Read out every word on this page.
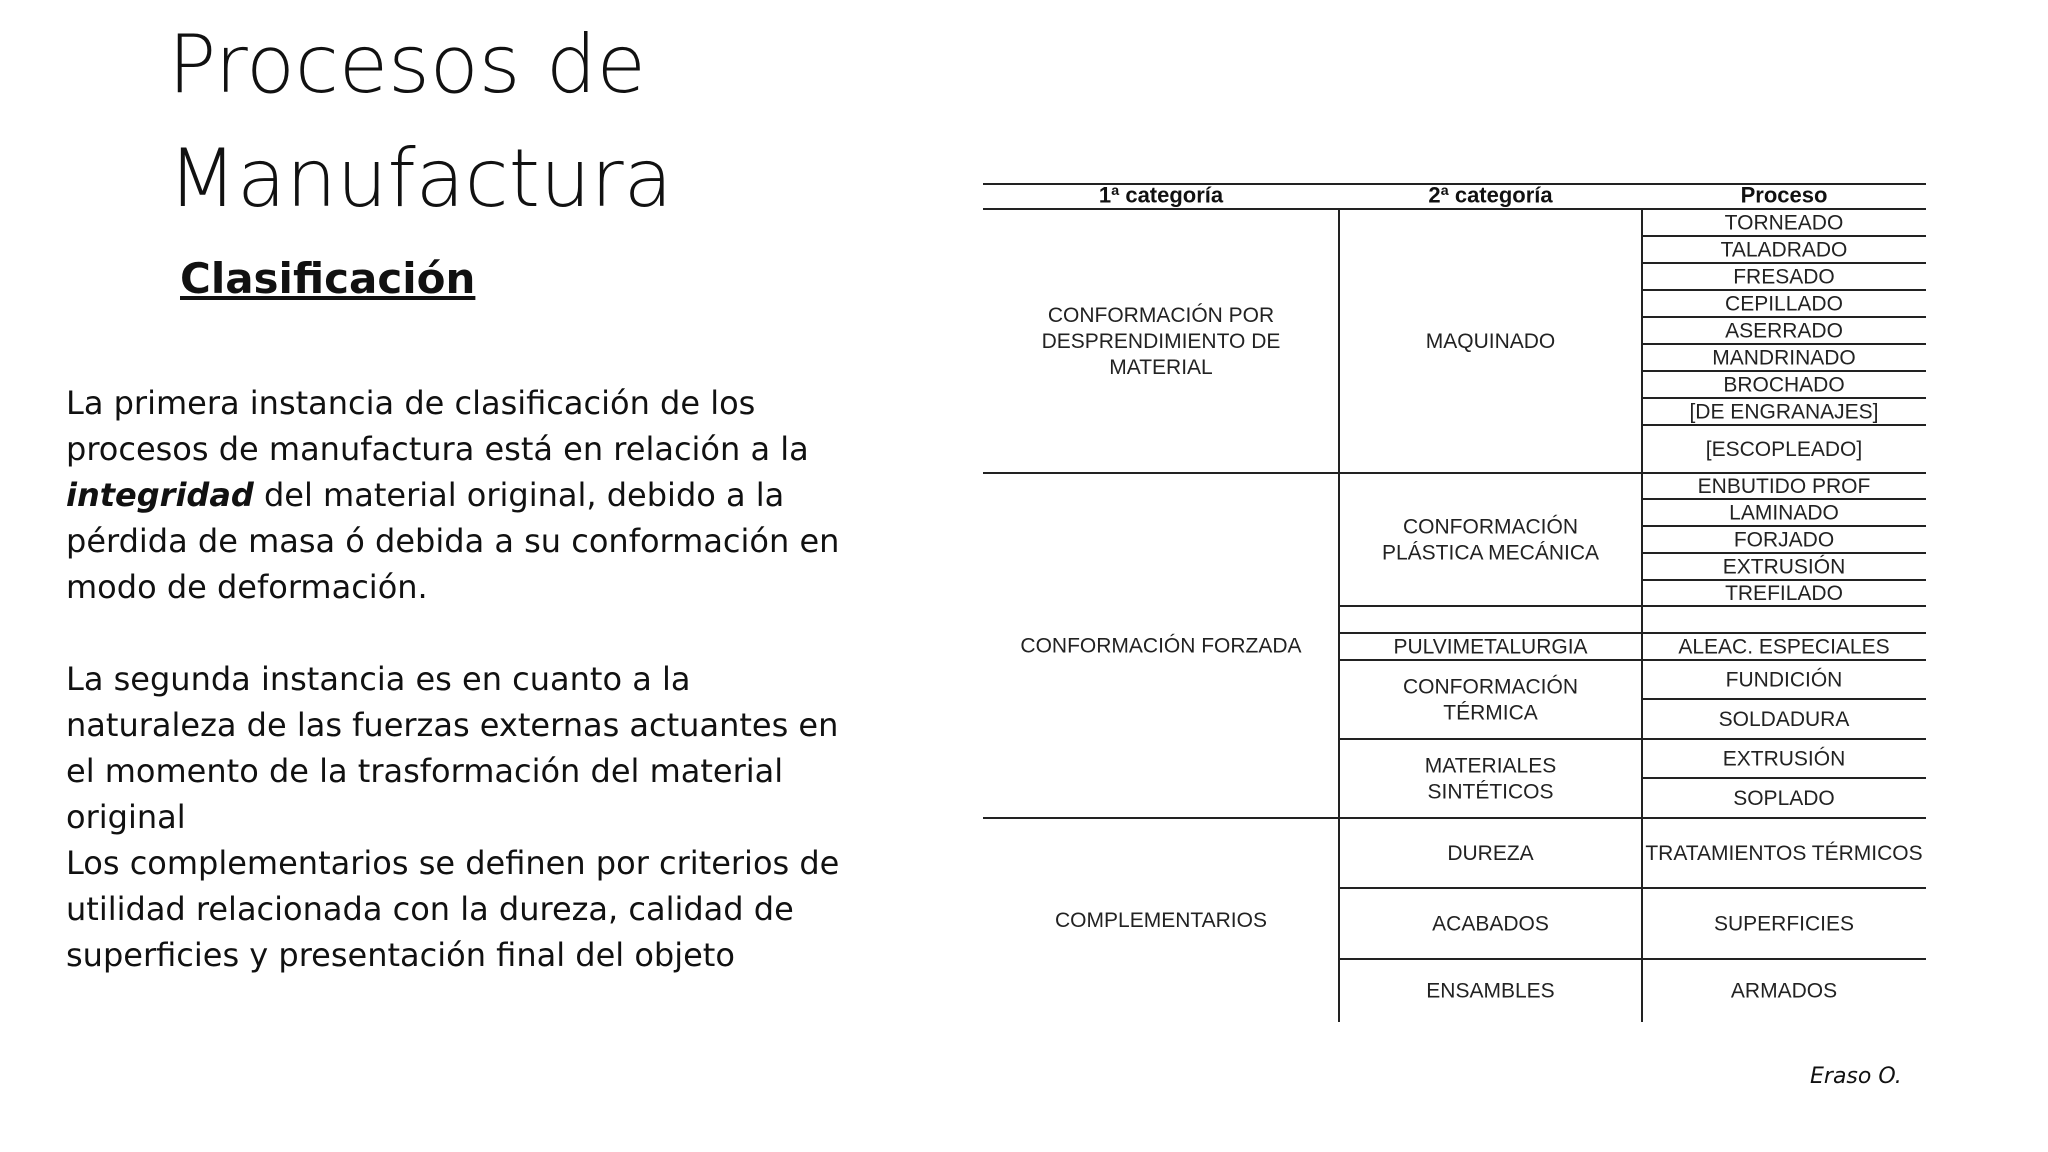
Procesos de
Manufactura
Clasificación
La primera instancia de clasificación de los procesos de manufactura está en relación a la integridad del material original, debido a la pérdida de masa ó debida a su conformación en modo de deformación.
La segunda instancia es en cuanto a la naturaleza de las fuerzas externas actuantes en el momento de la trasformación del material original
Los complementarios se definen por criterios de utilidad relacionada con la dureza, calidad de superficies y presentación final del objeto
1ª categoría	2ª categoría	Proceso
TORNEADO
TALADRADO
FRESADO
CEPILLADO
ASERRADO
MANDRINADO
BROCHADO
[DE ENGRANAJES]
[ESCOPLEADO]
MAQUINADO
CONFORMACIÓN POR DESPRENDIMIENTO DE MATERIAL
ENBUTIDO PROF
LAMINADO
FORJADO
EXTRUSIÓN
TREFILADO
CONFORMACIÓN PLÁSTICA MECÁNICA
ALEAC. ESPECIALES
PULVIMETALURGIA
FUNDICIÓN
SOLDADURA
CONFORMACIÓN TÉRMICA
EXTRUSIÓN
SOPLADO
MATERIALES SINTÉTICOS
CONFORMACIÓN FORZADA
TRATAMIENTOS TÉRMICOS
DUREZA
SUPERFICIES
ACABADOS
ARMADOS
ENSAMBLES
COMPLEMENTARIOS
Eraso O.
